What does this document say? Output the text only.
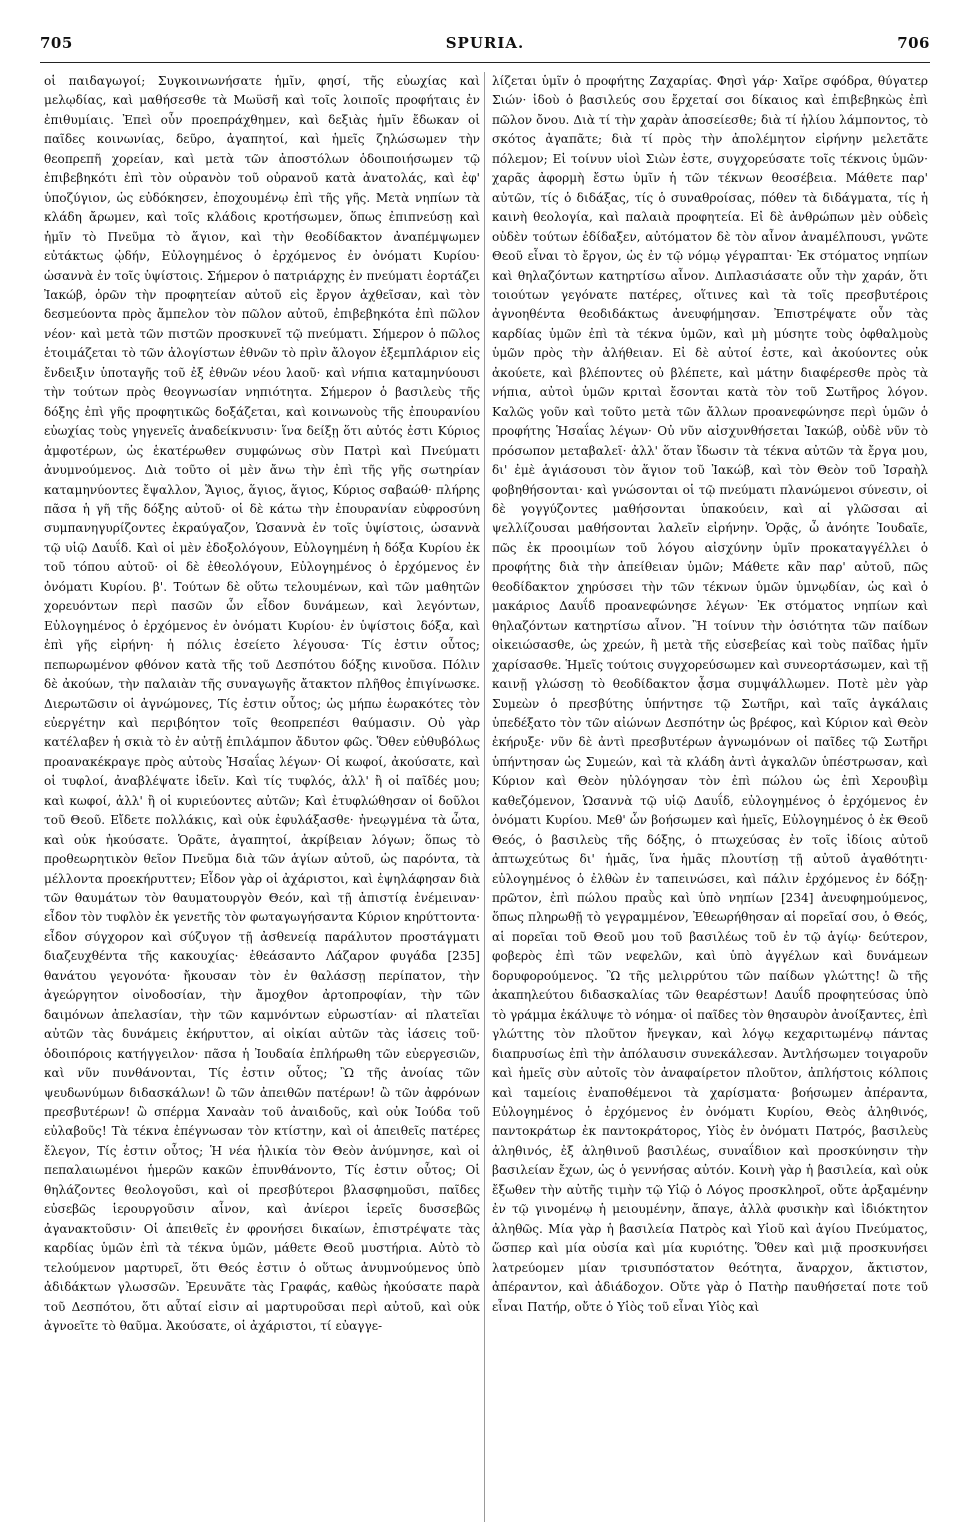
705	SPURIA.	706

οἱ παιδαγωγοί; Συγκοινωνήσατε ἡμῖν, φησί, τῆς εὐωχίας καὶ μελῳδίας, καὶ μαθήσεσθε τὰ Μωϋσῆ καὶ τοῖς λοιποῖς προφήταις ἐν ἐπιθυμίαις. Ἐπεὶ οὖν προεπράχθημεν, καὶ δεξιὰς ἡμῖν ἔδωκαν οἱ παῖδες κοινωνίας, δεῦρο, ἀγαπητοί, καὶ ἡμεῖς ζηλώσωμεν τὴν θεοπρεπῆ χορείαν, καὶ μετὰ τῶν ἀποστόλων ὁδοιποιήσωμεν τῷ ἐπιβεβηκότι ἐπὶ τὸν οὐρανὸν τοῦ οὐρανοῦ κατὰ ἀνατολάς, καὶ ἐφ' ὑποζύγιον, ὡς εὐδόκησεν, ἐποχουμένῳ ἐπὶ τῆς γῆς. Μετὰ νηπίων τὰ κλάδη ἄρωμεν, καὶ τοῖς κλάδοις κροτήσωμεν, ὅπως ἐπιπνεύσῃ καὶ ἡμῖν τὸ Πνεῦμα τὸ ἅγιον, καὶ τὴν θεοδίδακτον ἀναπέμψωμεν εὐτάκτως ᾠδήν, Εὐλογημένος ὁ ἐρχόμενος ἐν ὀνόματι Κυρίου· ὡσαννὰ ἐν τοῖς ὑψίστοις. Σήμερον ὁ πατριάρχης ἐν πνεύματι ἑορτάζει Ἰακώβ, ὁρῶν τὴν προφητείαν αὐτοῦ εἰς ἔργον ἀχθεῖσαν, καὶ τὸν δεσμεύοντα πρὸς ἄμπελον τὸν πῶλον αὐτοῦ, ἐπιβεβηκότα ἐπὶ πῶλον νέον· καὶ μετὰ τῶν πιστῶν προσκυνεῖ τῷ πνεύματι. Σήμερον ὁ πῶλος ἑτοιμάζεται τὸ τῶν ἀλογίστων ἐθνῶν τὸ πρὶν ἄλογον ἐξεμπλάριον εἰς ἔνδειξιν ὑποταγῆς τοῦ ἐξ ἐθνῶν νέου λαοῦ· καὶ νήπια καταμηνύουσι τὴν τούτων πρὸς θεογνωσίαν νηπιότητα. Σήμερον ὁ βασιλεὺς τῆς δόξης ἐπὶ γῆς προφητικῶς δοξάζεται, καὶ κοινωνοὺς τῆς ἐπουρανίου εὐωχίας τοὺς γηγενεῖς ἀναδείκνυσιν· ἵνα δείξῃ ὅτι αὐτός ἐστι Κύριος ἀμφοτέρων, ὡς ἑκατέρωθεν συμφώνως σὺν Πατρὶ καὶ Πνεύματι ἀνυμνούμενος. Διὰ τοῦτο οἱ μὲν ἄνω τὴν ἐπὶ τῆς γῆς σωτηρίαν καταμηνύοντες ἔψαλλον, Ἅγιος, ἅγιος, ἅγιος, Κύριος σαβαώθ· πλήρης πᾶσα ἡ γῆ τῆς δόξης αὐτοῦ· οἱ δὲ κάτω τὴν ἐπουρανίαν εὐφροσύνη συμπανηγυρίζοντες ἐκραύγαζον, Ὡσαννὰ ἐν τοῖς ὑψίστοις, ὡσαννὰ τῷ υἱῷ Δαυΐδ. Καὶ οἱ μὲν ἐδοξολόγουν, Εὐλογημένη ἡ δόξα Κυρίου ἐκ τοῦ τόπου αὐτοῦ· οἱ δὲ ἐθεολόγουν, Εὐλογημένος ὁ ἐρχόμενος ἐν ὀνόματι Κυρίου. β'. Τούτων δὲ οὕτω τελουμένων, καὶ τῶν μαθητῶν χορευόντων περὶ πασῶν ὧν εἶδον δυνάμεων, καὶ λεγόντων, Εὐλογημένος ὁ ἐρχόμενος ἐν ὀνόματι Κυρίου· ἐν ὑψίστοις δόξα, καὶ ἐπὶ γῆς εἰρήνη· ἡ πόλις ἐσείετο λέγουσα· Τίς ἐστιν οὗτος; πεπωρωμένον φθόνον κατὰ τῆς τοῦ Δεσπότου δόξης κινοῦσα. Πόλιν δὲ ἀκούων, τὴν παλαιὰν τῆς συναγωγῆς ἄτακτον πλῆθος ἐπιγίνωσκε. Διερωτῶσιν οἱ ἀγνώμονες, Τίς ἐστιν οὗτος; ὡς μήπω ἑωρακότες τὸν εὐεργέτην καὶ περιβόητον τοῖς θεοπρεπέσι θαύμασιν. Οὐ γὰρ κατέλαβεν ἡ σκιὰ τὸ ἐν αὐτῇ ἐπιλάμπον ἄδυτον φῶς. Ὅθεν εὐθυβόλως προανακέκραγε πρὸς αὐτοὺς Ἡσαΐας λέγων· Οἱ κωφοί, ἀκούσατε, καὶ οἱ τυφλοί, ἀναβλέψατε ἰδεῖν. Καὶ τίς τυφλός, ἀλλ' ἢ οἱ παῖδές μου; καὶ κωφοί, ἀλλ' ἢ οἱ κυριεύοντες αὐτῶν; Καὶ ἐτυφλώθησαν οἱ δοῦλοι τοῦ Θεοῦ. Εἴδετε πολλάκις, καὶ οὐκ ἐφυλάξασθε· ἠνεῳγμένα τὰ ὦτα, καὶ οὐκ ἠκούσατε. Ὁρᾶτε, ἀγαπητοί, ἀκρίβειαν λόγων; ὅπως τὸ προθεωρητικὸν θεῖον Πνεῦμα διὰ τῶν ἁγίων αὐτοῦ, ὡς παρόντα, τὰ μέλλοντα προεκήρυττεν; Εἶδον γὰρ οἱ ἀχάριστοι, καὶ ἐψηλάφησαν διὰ τῶν θαυμάτων τὸν θαυματουργὸν Θεόν, καὶ τῇ ἀπιστίᾳ ἐνέμειναν· εἶδον τὸν τυφλὸν ἐκ γενετῆς τὸν φωταγωγήσαντα Κύριον κηρύττοντα· εἶδον σύγχορον καὶ σύζυγον τῇ ἀσθενείᾳ παράλυτον προστάγματι διαζευχθέντα τῆς κακουχίας· ἐθεάσαντο Λάζαρον φυγάδα [235] θανάτου γεγονότα· ἤκουσαν τὸν ἐν θαλάσσῃ περίπατον, τὴν ἀγεώργητον οἰνοδοσίαν, τὴν ἄμοχθον ἀρτοπροφίαν, τὴν τῶν δαιμόνων ἀπελασίαν, τὴν τῶν καμνόντων εὐρωστίαν· αἱ πλατεῖαι αὐτῶν τὰς δυνάμεις ἐκήρυττον, αἱ οἰκίαι αὐτῶν τὰς ἰάσεις τοῦ· ὁδοιπόροις κατήγγειλον· πᾶσα ἡ Ἰουδαία ἐπλήρωθη τῶν εὐεργεσιῶν, καὶ νῦν πυνθάνονται, Τίς ἐστιν οὗτος; Ὢ τῆς ἀνοίας τῶν ψευδωνύμων διδασκάλων! ὢ τῶν ἀπειθῶν πατέρων! ὢ τῶν ἀφρόνων πρεσβυτέρων! ὢ σπέρμα Χαναὰν τοῦ ἀναιδοῦς, καὶ οὐκ Ἰούδα τοῦ εὐλαβοῦς! Τὰ τέκνα ἐπέγνωσαν τὸν κτίστην, καὶ οἱ ἀπειθεῖς πατέρες ἔλεγον, Τίς ἐστιν οὗτος; Ἡ νέα ἡλικία τὸν Θεὸν ἀνύμνησε, καὶ οἱ πεπαλαιωμένοι ἡμερῶν κακῶν ἐπυνθάνοντο, Τίς ἐστιν οὗτος; Οἱ θηλάζοντες θεολογοῦσι, καὶ οἱ πρεσβύτεροι βλασφημοῦσι, παῖδες εὐσεβῶς ἱερουργοῦσιν αἶνον, καὶ ἀνίεροι ἱερεῖς δυσσεβῶς ἀγανακτοῦσιν· Οἱ ἀπειθεῖς ἐν φρονήσει δικαίων, ἐπιστρέψατε τὰς καρδίας ὑμῶν ἐπὶ τὰ τέκνα ὑμῶν, μάθετε Θεοῦ μυστήρια. Αὐτὸ τὸ τελούμενον μαρτυρεῖ, ὅτι Θεός ἐστιν ὁ οὕτως ἀνυμνούμενος ὑπὸ ἀδιδάκτων γλωσσῶν. Ἐρευνᾶτε τὰς Γραφάς, καθὼς ἠκούσατε παρὰ τοῦ Δεσπότου, ὅτι αὗταί εἰσιν αἱ μαρτυροῦσαι περὶ αὐτοῦ, καὶ οὐκ ἀγνοεῖτε τὸ θαῦμα. Ἀκούσατε, οἱ ἀχάριστοι, τί εὐαγγε-

λίζεται ὑμῖν ὁ προφήτης Ζαχαρίας. Φησὶ γάρ· Χαῖρε σφόδρα, θύγατερ Σιών· ἰδοὺ ὁ βασιλεύς σου ἔρχεταί σοι δίκαιος καὶ ἐπιβεβηκὼς ἐπὶ πῶλον ὄνου. Διὰ τί τὴν χαρὰν ἀποσείεσθε; διὰ τί ἡλίου λάμποντος, τὸ σκότος ἀγαπᾶτε; διὰ τί πρὸς τὴν ἀπολέμητον εἰρήνην μελετᾶτε πόλεμον; Εἰ τοίνυν υἱοὶ Σιὼν ἐστε, συγχορεύσατε τοῖς τέκνοις ὑμῶν· χαρᾶς ἀφορμὴ ἔστω ὑμῖν ἡ τῶν τέκνων θεοσέβεια. Μάθετε παρ' αὐτῶν, τίς ὁ διδάξας, τίς ὁ συναθροίσας, πόθεν τὰ διδάγματα, τίς ἡ καινὴ θεολογία, καὶ παλαιὰ προφητεία. Εἰ δὲ ἀνθρώπων μὲν οὐδεὶς οὐδὲν τούτων ἐδίδαξεν, αὐτόματον δὲ τὸν αἶνον ἀναμέλπουσι, γνῶτε Θεοῦ εἶναι τὸ ἔργον, ὡς ἐν τῷ νόμῳ γέγραπται· Ἐκ στόματος νηπίων καὶ θηλαζόντων κατηρτίσω αἶνον. Διπλασιάσατε οὖν τὴν χαράν, ὅτι τοιούτων γεγόνατε πατέρες, οἵτινες καὶ τὰ τοῖς πρεσβυτέροις ἀγνοηθέντα θεοδιδάκτως ἀνευφήμησαν. Ἐπιστρέψατε οὖν τὰς καρδίας ὑμῶν ἐπὶ τὰ τέκνα ὑμῶν, καὶ μὴ μύσητε τοὺς ὀφθαλμοὺς ὑμῶν πρὸς τὴν ἀλήθειαν. Εἰ δὲ αὐτοί ἐστε, καὶ ἀκούοντες οὐκ ἀκούετε, καὶ βλέποντες οὐ βλέπετε, καὶ μάτην διαφέρεσθε πρὸς τὰ νήπια, αὐτοὶ ὑμῶν κριταὶ ἔσονται κατὰ τὸν τοῦ Σωτῆρος λόγον. Καλῶς γοῦν καὶ τοῦτο μετὰ τῶν ἄλλων προανεφώνησε περὶ ὑμῶν ὁ προφήτης Ἡσαΐας λέγων· Οὐ νῦν αἰσχυνθήσεται Ἰακώβ, οὐδὲ νῦν τὸ πρόσωπον μεταβαλεῖ· ἀλλ' ὅταν ἴδωσιν τὰ τέκνα αὐτῶν τὰ ἔργα μου, δι' ἐμὲ ἁγιάσουσι τὸν ἅγιον τοῦ Ἰακώβ, καὶ τὸν Θεὸν τοῦ Ἰσραὴλ φοβηθήσονται· καὶ γνώσονται οἱ τῷ πνεύματι πλανώμενοι σύνεσιν, οἱ δὲ γογγύζοντες μαθήσονται ὑπακούειν, καὶ αἱ γλῶσσαι αἱ ψελλίζουσαι μαθήσονται λαλεῖν εἰρήνην. Ὁρᾷς, ὦ ἀνόητε Ἰουδαῖε, πῶς ἐκ προοιμίων τοῦ λόγου αἰσχύνην ὑμῖν προκαταγγέλλει ὁ προφήτης διὰ τὴν ἀπείθειαν ὑμῶν; Μάθετε κἂν παρ' αὐτοῦ, πῶς θεοδίδακτον χηρύσσει τὴν τῶν τέκνων ὑμῶν ὑμνῳδίαν, ὡς καὶ ὁ μακάριος Δαυΐδ προανεφώνησε λέγων· Ἐκ στόματος νηπίων καὶ θηλαζόντων κατηρτίσω αἶνον. Ἢ τοίνυν τὴν ὁσιότητα τῶν παίδων οἰκειώσασθε, ὡς χρεών, ἢ μετὰ τῆς εὐσεβείας καὶ τοὺς παῖδας ἡμῖν χαρίσασθε. Ἡμεῖς τούτοις συγχορεύσωμεν καὶ συνεορτάσωμεν, καὶ τῇ καινῇ γλώσσῃ τὸ θεοδίδακτον ᾆσμα συμψάλλωμεν. Ποτὲ μὲν γὰρ Συμεὼν ὁ πρεσβύτης ὑπήντησε τῷ Σωτῆρι, καὶ ταῖς ἀγκάλαις ὑπεδέξατο τὸν τῶν αἰώνων Δεσπότην ὡς βρέφος, καὶ Κύριον καὶ Θεὸν ἐκήρυξε· νῦν δὲ ἀντὶ πρεσβυτέρων ἀγνωμόνων οἱ παῖδες τῷ Σωτῆρι ὑπήντησαν ὡς Συμεών, καὶ τὰ κλάδη ἀντὶ ἀγκαλῶν ὑπέστρωσαν, καὶ Κύριον καὶ Θεὸν ηὐλόγησαν τὸν ἐπὶ πώλου ὡς ἐπὶ Χερουβὶμ καθεζόμενον, Ὡσαννὰ τῷ υἱῷ Δαυΐδ, εὐλογημένος ὁ ἐρχόμενος ἐν ὀνόματι Κυρίου. Μεθ' ὧν βοήσωμεν καὶ ἡμεῖς, Εὐλογημένος ὁ ἐκ Θεοῦ Θεός, ὁ βασιλεὺς τῆς δόξης, ὁ πτωχεύσας ἐν τοῖς ἰδίοις αὐτοῦ ἀπτωχεύτως δι' ἡμᾶς, ἵνα ἡμᾶς πλουτίσῃ τῇ αὐτοῦ ἀγαθότητι· εὐλογημένος ὁ ἐλθὼν ἐν ταπεινώσει, καὶ πάλιν ἐρχόμενος ἐν δόξῃ· πρῶτον, ἐπὶ πώλου πραῢς καὶ ὑπὸ νηπίων [234] ἀνευφημούμενος, ὅπως πληρωθῇ τὸ γεγραμμένον, Ἐθεωρήθησαν αἱ πορεῖαί σου, ὁ Θεός, αἱ πορεῖαι τοῦ Θεοῦ μου τοῦ βασιλέως τοῦ ἐν τῷ ἁγίῳ· δεύτερον, φοβερὸς ἐπὶ τῶν νεφελῶν, καὶ ὑπὸ ἀγγέλων καὶ δυνάμεων δορυφορούμενος. Ὢ τῆς μελιρρύτου τῶν παίδων γλώττης! ὢ τῆς ἀκαπηλεύτου διδασκαλίας τῶν θεαρέστων! Δαυΐδ προφητεύσας ὑπὸ τὸ γράμμα ἐκάλυψε τὸ νόημα· οἱ παῖδες τὸν θησαυρὸν ἀνοίξαντες, ἐπὶ γλώττης τὸν πλοῦτον ἤνεγκαν, καὶ λόγῳ κεχαριτωμένῳ πάντας διαπρυσίως ἐπὶ τὴν ἀπόλαυσιν συνεκάλεσαν. Ἀντλήσωμεν τοιγαροῦν καὶ ἡμεῖς σὺν αὐτοῖς τὸν ἀναφαίρετον πλοῦτον, ἀπλήστοις κόλποις καὶ ταμείοις ἐναποθέμενοι τὰ χαρίσματα· βοήσωμεν ἀπέραντα, Εὐλογημένος ὁ ἐρχόμενος ἐν ὀνόματι Κυρίου, Θεὸς ἀληθινός, παντοκράτωρ ἐκ παντοκράτορος, Υἱὸς ἐν ὀνόματι Πατρός, βασιλεὺς ἀληθινός, ἐξ ἀληθινοῦ βασιλέως, συναΐδιον καὶ προσκύνησιν τὴν βασιλείαν ἔχων, ὡς ὁ γεννήσας αὐτόν. Κοινὴ γὰρ ἡ βασιλεία, καὶ οὐκ ἔξωθεν τὴν αὐτῆς τιμὴν τῷ Υἱῷ ὁ Λόγος προσκληροῖ, οὔτε ἀρξαμένην ἐν τῷ γινομένῳ ἡ μειουμένην, ἄπαγε, ἀλλὰ φυσικὴν καὶ ἰδιόκτητον ἀληθῶς. Μία γὰρ ἡ βασιλεία Πατρὸς καὶ Υἱοῦ καὶ ἁγίου Πνεύματος, ὥσπερ καὶ μία οὐσία καὶ μία κυριότης. Ὅθεν καὶ μιᾷ προσκυνήσει λατρεύομεν μίαν τρισυπόστατον θεότητα, ἄναρχον, ἄκτιστον, ἀπέραντον, καὶ ἀδιάδοχον. Οὔτε γὰρ ὁ Πατὴρ παυθήσεταί ποτε τοῦ εἶναι Πατήρ, οὔτε ὁ Υἱὸς τοῦ εἶναι Υἱὸς καὶ
